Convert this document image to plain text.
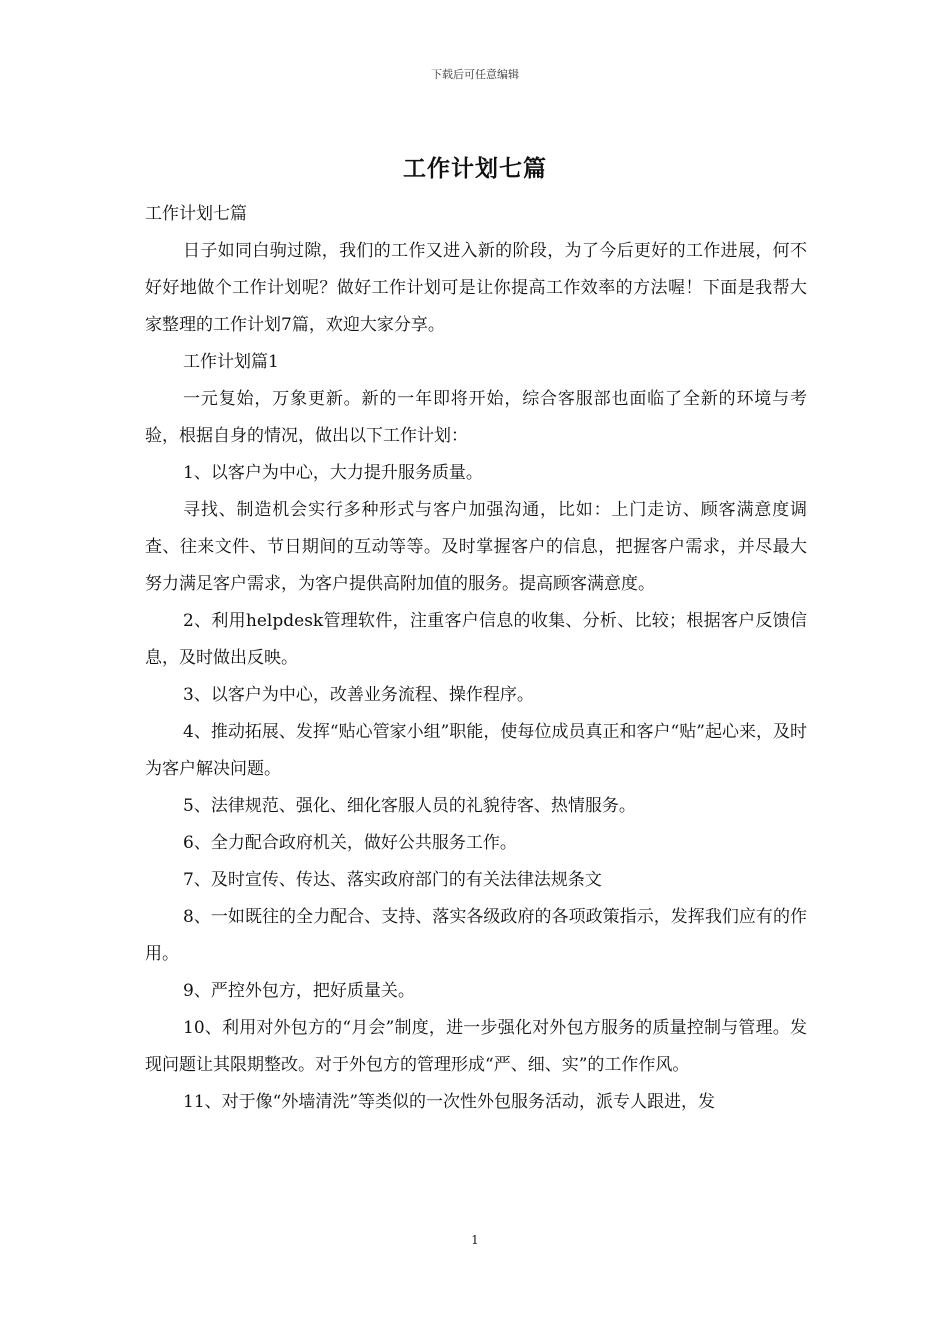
下载后可任意编辑
工作计划七篇

工作计划七篇

日子如同白驹过隙，我们的工作又进入新的阶段，为了今后更好的工作进展，何不好好地做个工作计划呢？做好工作计划可是让你提高工作效率的方法喔！下面是我帮大家整理的工作计划7篇，欢迎大家分享。

工作计划篇1

一元复始，万象更新。新的一年即将开始，综合客服部也面临了全新的环境与考验，根据自身的情况，做出以下工作计划：

1、以客户为中心，大力提升服务质量。

寻找、制造机会实行多种形式与客户加强沟通，比如：上门走访、顾客满意度调查、往来文件、节日期间的互动等等。及时掌握客户的信息，把握客户需求，并尽最大努力满足客户需求，为客户提供高附加值的服务。提高顾客满意度。

2、利用helpdesk管理软件，注重客户信息的收集、分析、比较；根据客户反馈信息，及时做出反映。

3、以客户为中心，改善业务流程、操作程序。

4、推动拓展、发挥“贴心管家小组”职能，使每位成员真正和客户“贴”起心来，及时为客户解决问题。

5、法律规范、强化、细化客服人员的礼貌待客、热情服务。

6、全力配合政府机关，做好公共服务工作。

7、及时宣传、传达、落实政府部门的有关法律法规条文

8、一如既往的全力配合、支持、落实各级政府的各项政策指示，发挥我们应有的作用。

9、严控外包方，把好质量关。

10、利用对外包方的“月会”制度，进一步强化对外包方服务的质量控制与管理。发现问题让其限期整改。对于外包方的管理形成“严、细、实”的工作作风。

11、对于像“外墙清洗”等类似的一次性外包服务活动，派专人跟进，发

1
